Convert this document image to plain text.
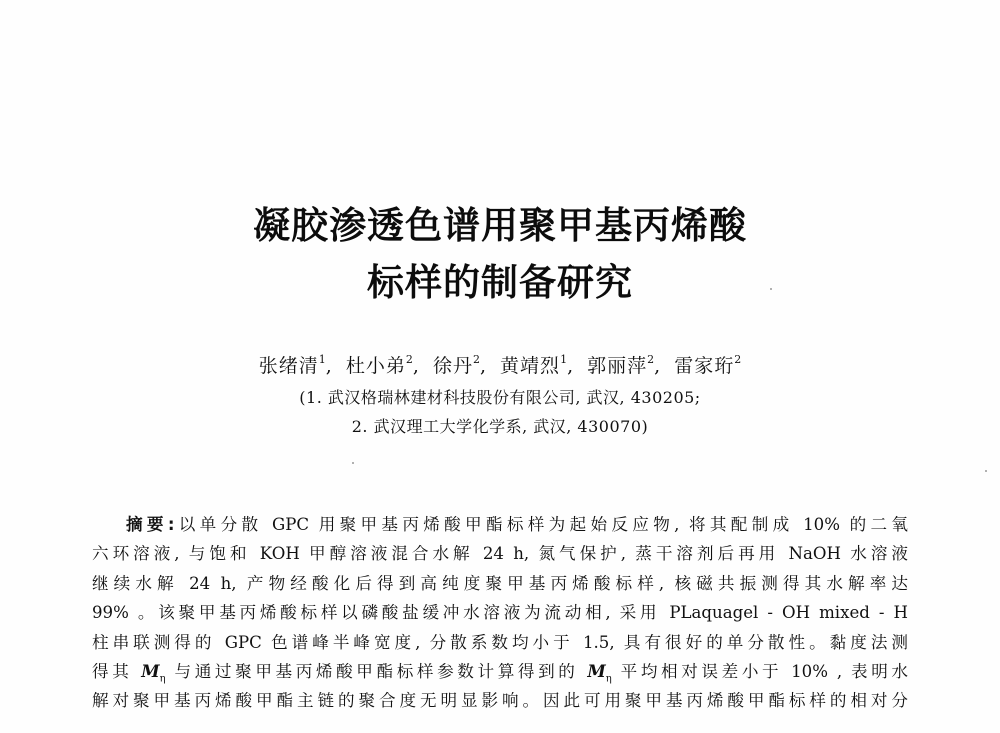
凝胶渗透色谱用聚甲基丙烯酸
标样的制备研究
张绪清$^1$, 杜小弟$^2$, 徐丹$^2$, 黄靖烈$^1$, 郭丽萍$^2$, 雷家珩$^2$
(1. 武汉格瑞林建材科技股份有限公司, 武汉, 430205;
2. 武汉理工大学化学系, 武汉, 430070)
摘要:以单分散 GPC 用聚甲基丙烯酸甲酯标样为起始反应物, 将其配制成 10% 的二氧
六环溶液, 与饱和 KOH 甲醇溶液混合水解 24 h, 氮气保护, 蒸干溶剂后再用 NaOH 水溶液
继续水解 24 h, 产物经酸化后得到高纯度聚甲基丙烯酸标样, 核磁共振测得其水解率达
99% 。该聚甲基丙烯酸标样以磷酸盐缓冲水溶液为流动相, 采用 PLaquagel - OH mixed - H
柱串联测得的 GPC 色谱峰半峰宽度, 分散系数均小于 1.5, 具有很好的单分散性。黏度法测
得其 $M_\eta$ 与通过聚甲基丙烯酸甲酯标样参数计算得到的 $M_\eta$ 平均相对误差小于 10% , 表明水
解对聚甲基丙烯酸甲酯主链的聚合度无明显影响。因此可用聚甲基丙烯酸甲酯标样的相对分
